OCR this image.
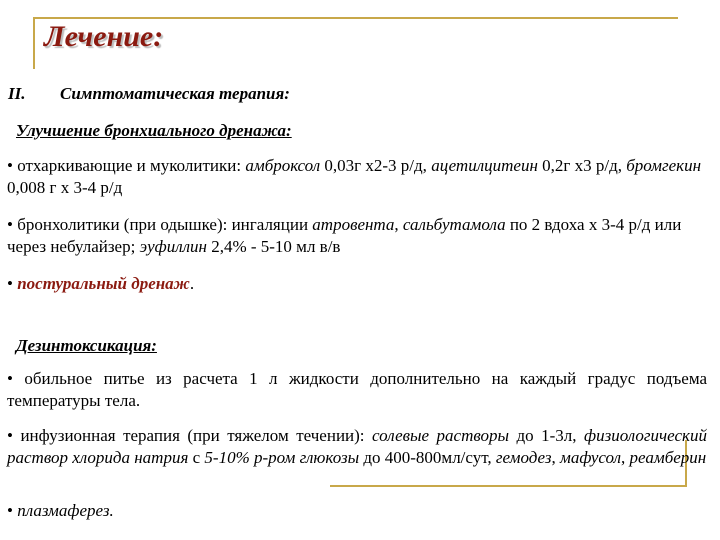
Лечение:
II. Симптоматическая терапия:
Улучшение бронхиального дренажа:

• отхаркивающие и муколитики: амброксол 0,03г х2-3 р/д, ацетилцитеин 0,2г х3 р/д, бромгекин 0,008 г х 3-4 р/д

• бронхолитики (при одышке): ингаляции атровента, сальбутамола по 2 вдоха х 3-4 р/д или через небулайзер; эуфиллин 2,4% - 5-10 мл в/в

• постуральный дренаж.

Дезинтоксикация:

• обильное питье из расчета 1 л жидкости дополнительно на каждый градус подъема температуры тела.

• инфузионная терапия (при тяжелом течении): солевые растворы до 1-3л, физиологический раствор хлорида натрия с 5-10% р-ром глюкозы до 400-800мл/сут, гемодез, мафусол, реамберин

• плазмаферез.
